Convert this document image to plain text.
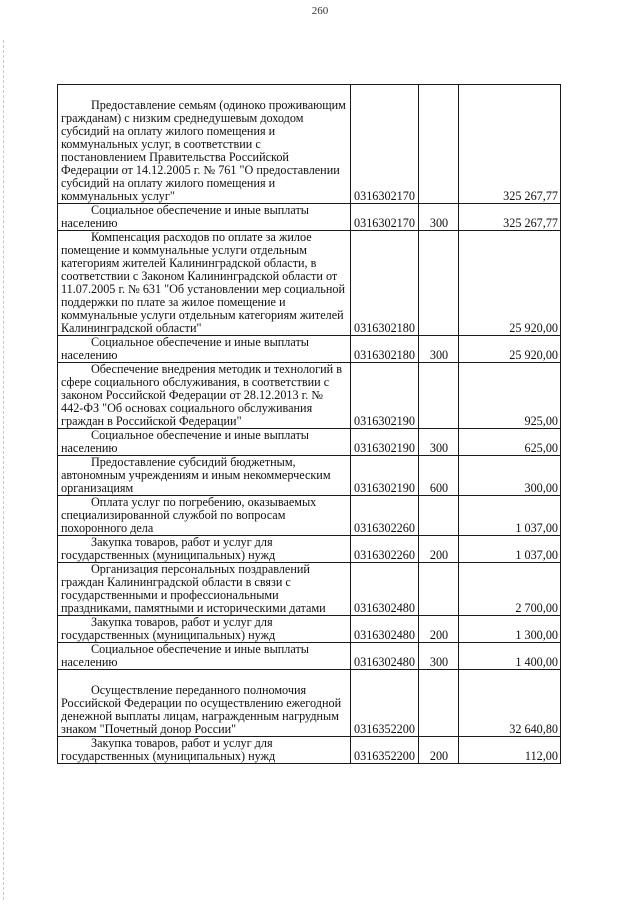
260
Предоставление семьям (одиноко проживающим гражданам) с низким среднедушевым доходом субсидий на оплату жилого помещения и коммунальных услуг, в соответствии с постановлением Правительства Российской Федерации от 14.12.2005 г. № 761 "О предоставлении субсидий на оплату жилого помещения и коммунальных услуг"	0316302170		325 267,77

Социальное обеспечение и иные выплаты населению	0316302170	300	325 267,77

Компенсация расходов по оплате за жилое помещение и коммунальные услуги отдельным категориям жителей Калининградской области, в соответствии с Законом Калининградской области от 11.07.2005 г. № 631 "Об установлении мер социальной поддержки по плате за жилое помещение и коммунальные услуги отдельным категориям жителей Калининградской области"	0316302180		25 920,00

Социальное обеспечение и иные выплаты населению	0316302180	300	25 920,00

Обеспечение внедрения методик и технологий в сфере социального обслуживания, в соответствии с законом Российской Федерации от 28.12.2013 г. № 442-ФЗ "Об основах социального обслуживания граждан в Российской Федерации"	0316302190		925,00

Социальное обеспечение и иные выплаты населению	0316302190	300	625,00

Предоставление субсидий бюджетным, автономным учреждениям и иным некоммерческим организациям	0316302190	600	300,00

Оплата услуг по погребению, оказываемых специализированной службой по вопросам похоронного дела	0316302260		1 037,00

Закупка товаров, работ и услуг для государственных (муниципальных) нужд	0316302260	200	1 037,00

Организация персональных поздравлений граждан Калининградской области в связи с государственными и профессиональными праздниками, памятными и историческими датами	0316302480		2 700,00

Закупка товаров, работ и услуг для государственных (муниципальных) нужд	0316302480	200	1 300,00

Социальное обеспечение и иные выплаты населению	0316302480	300	1 400,00

Осуществление переданного полномочия Российской Федерации по осуществлению ежегодной денежной выплаты лицам, награжденным нагрудным знаком "Почетный донор России"	0316352200		32 640,80

Закупка товаров, работ и услуг для государственных (муниципальных) нужд	0316352200	200	112,00
